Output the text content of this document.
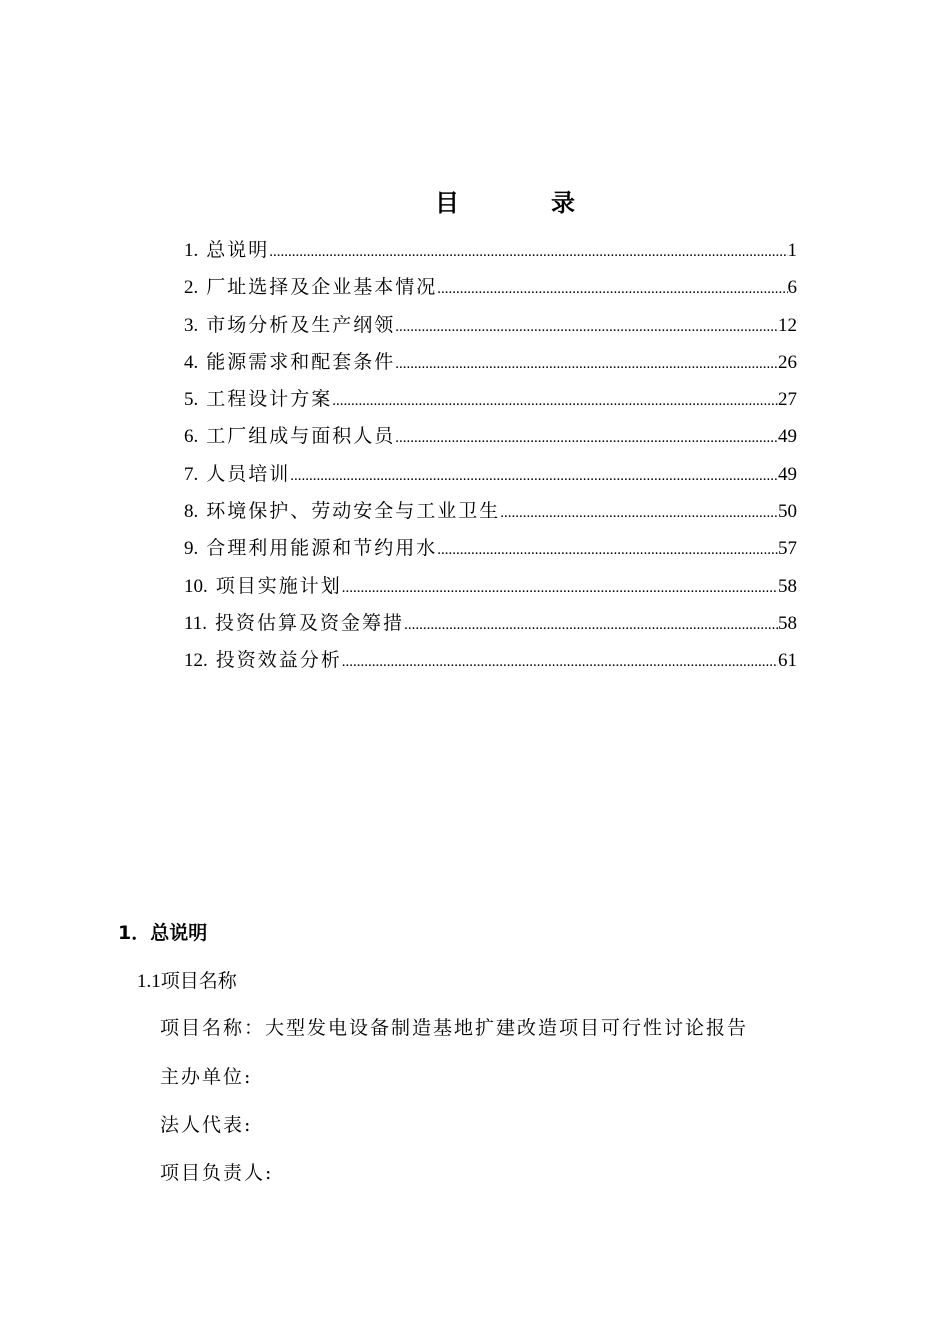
目	录
1. 总说明 .....	1
2. 厂址选择及企业基本情况 .....	6
3. 市场分析及生产纲领 .....	12
4. 能源需求和配套条件 .....	26
5. 工程设计方案 .....	27
6. 工厂组成与面积人员 .....	49
7. 人员培训 .....	49
8. 环境保护、劳动安全与工业卫生 .....	50
9. 合理利用能源和节约用水 .....	57
10. 项目实施计划 .....	58
11. 投资估算及资金筹措 .....	58
12. 投资效益分析 .....	61
1．总说明
1.1项目名称
项目名称：大型发电设备制造基地扩建改造项目可行性讨论报告
主办单位:
法人代表:
项目负责人:
